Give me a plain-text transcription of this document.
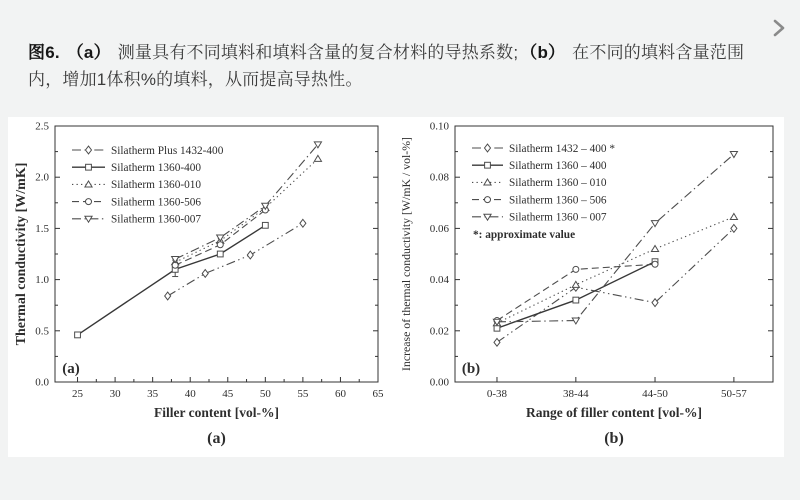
图6. （a） 测量具有不同填料和填料含量的复合材料的导热系数; （b） 在不同的填料含量范围内，增加1体积%的填料，从而提高导热性。
0.0
0.5
1.0
1.5
2.0
2.5
25 30 35 40 45 50 55 60 65
Thermal conductivity [W/mK]
Filler content [vol-%]
(a)
(a)
Silatherm Plus 1432-400
Silatherm 1360-400
Silatherm 1360-010
Silatherm 1360-506
Silatherm 1360-007
0.00
0.02
0.04
0.06
0.08
0.10
0-38	38-44	44-50	50-57
Increase of thermal conductivity [W/mK / vol-%]
Range of filler content [vol-%]
(b)
(b)
Silatherm 1432 – 400 *
Silatherm 1360 – 400
Silatherm 1360 – 010
Silatherm 1360 – 506
Silatherm 1360 – 007
*: approximate value
